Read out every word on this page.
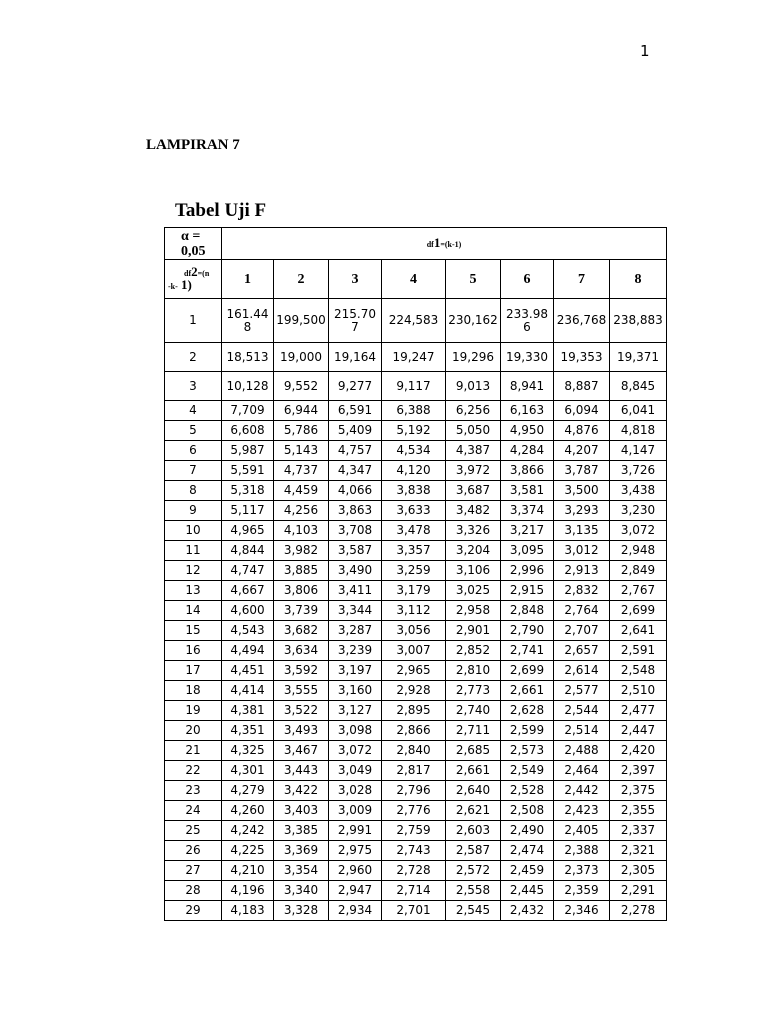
1
LAMPIRAN 7
Tabel Uji F
α =
0,05	df1=(k-1)							

df2=(n
-k- 1)	1	2	3	4	5	6	7	8
1	161.448	199,500	215.707	224,583	230,162	233.986	236,768	238,883
2	18,513	19,000	19,164	19,247	19,296	19,330	19,353	19,371
3	10,128	9,552	9,277	9,117	9,013	8,941	8,887	8,845
4	7,709	6,944	6,591	6,388	6,256	6,163	6,094	6,041
5	6,608	5,786	5,409	5,192	5,050	4,950	4,876	4,818
6	5,987	5,143	4,757	4,534	4,387	4,284	4,207	4,147
7	5,591	4,737	4,347	4,120	3,972	3,866	3,787	3,726
8	5,318	4,459	4,066	3,838	3,687	3,581	3,500	3,438
9	5,117	4,256	3,863	3,633	3,482	3,374	3,293	3,230
10	4,965	4,103	3,708	3,478	3,326	3,217	3,135	3,072
11	4,844	3,982	3,587	3,357	3,204	3,095	3,012	2,948
12	4,747	3,885	3,490	3,259	3,106	2,996	2,913	2,849
13	4,667	3,806	3,411	3,179	3,025	2,915	2,832	2,767
14	4,600	3,739	3,344	3,112	2,958	2,848	2,764	2,699
15	4,543	3,682	3,287	3,056	2,901	2,790	2,707	2,641
16	4,494	3,634	3,239	3,007	2,852	2,741	2,657	2,591
17	4,451	3,592	3,197	2,965	2,810	2,699	2,614	2,548
18	4,414	3,555	3,160	2,928	2,773	2,661	2,577	2,510
19	4,381	3,522	3,127	2,895	2,740	2,628	2,544	2,477
20	4,351	3,493	3,098	2,866	2,711	2,599	2,514	2,447
21	4,325	3,467	3,072	2,840	2,685	2,573	2,488	2,420
22	4,301	3,443	3,049	2,817	2,661	2,549	2,464	2,397
23	4,279	3,422	3,028	2,796	2,640	2,528	2,442	2,375
24	4,260	3,403	3,009	2,776	2,621	2,508	2,423	2,355
25	4,242	3,385	2,991	2,759	2,603	2,490	2,405	2,337
26	4,225	3,369	2,975	2,743	2,587	2,474	2,388	2,321
27	4,210	3,354	2,960	2,728	2,572	2,459	2,373	2,305
28	4,196	3,340	2,947	2,714	2,558	2,445	2,359	2,291
29	4,183	3,328	2,934	2,701	2,545	2,432	2,346	2,278
